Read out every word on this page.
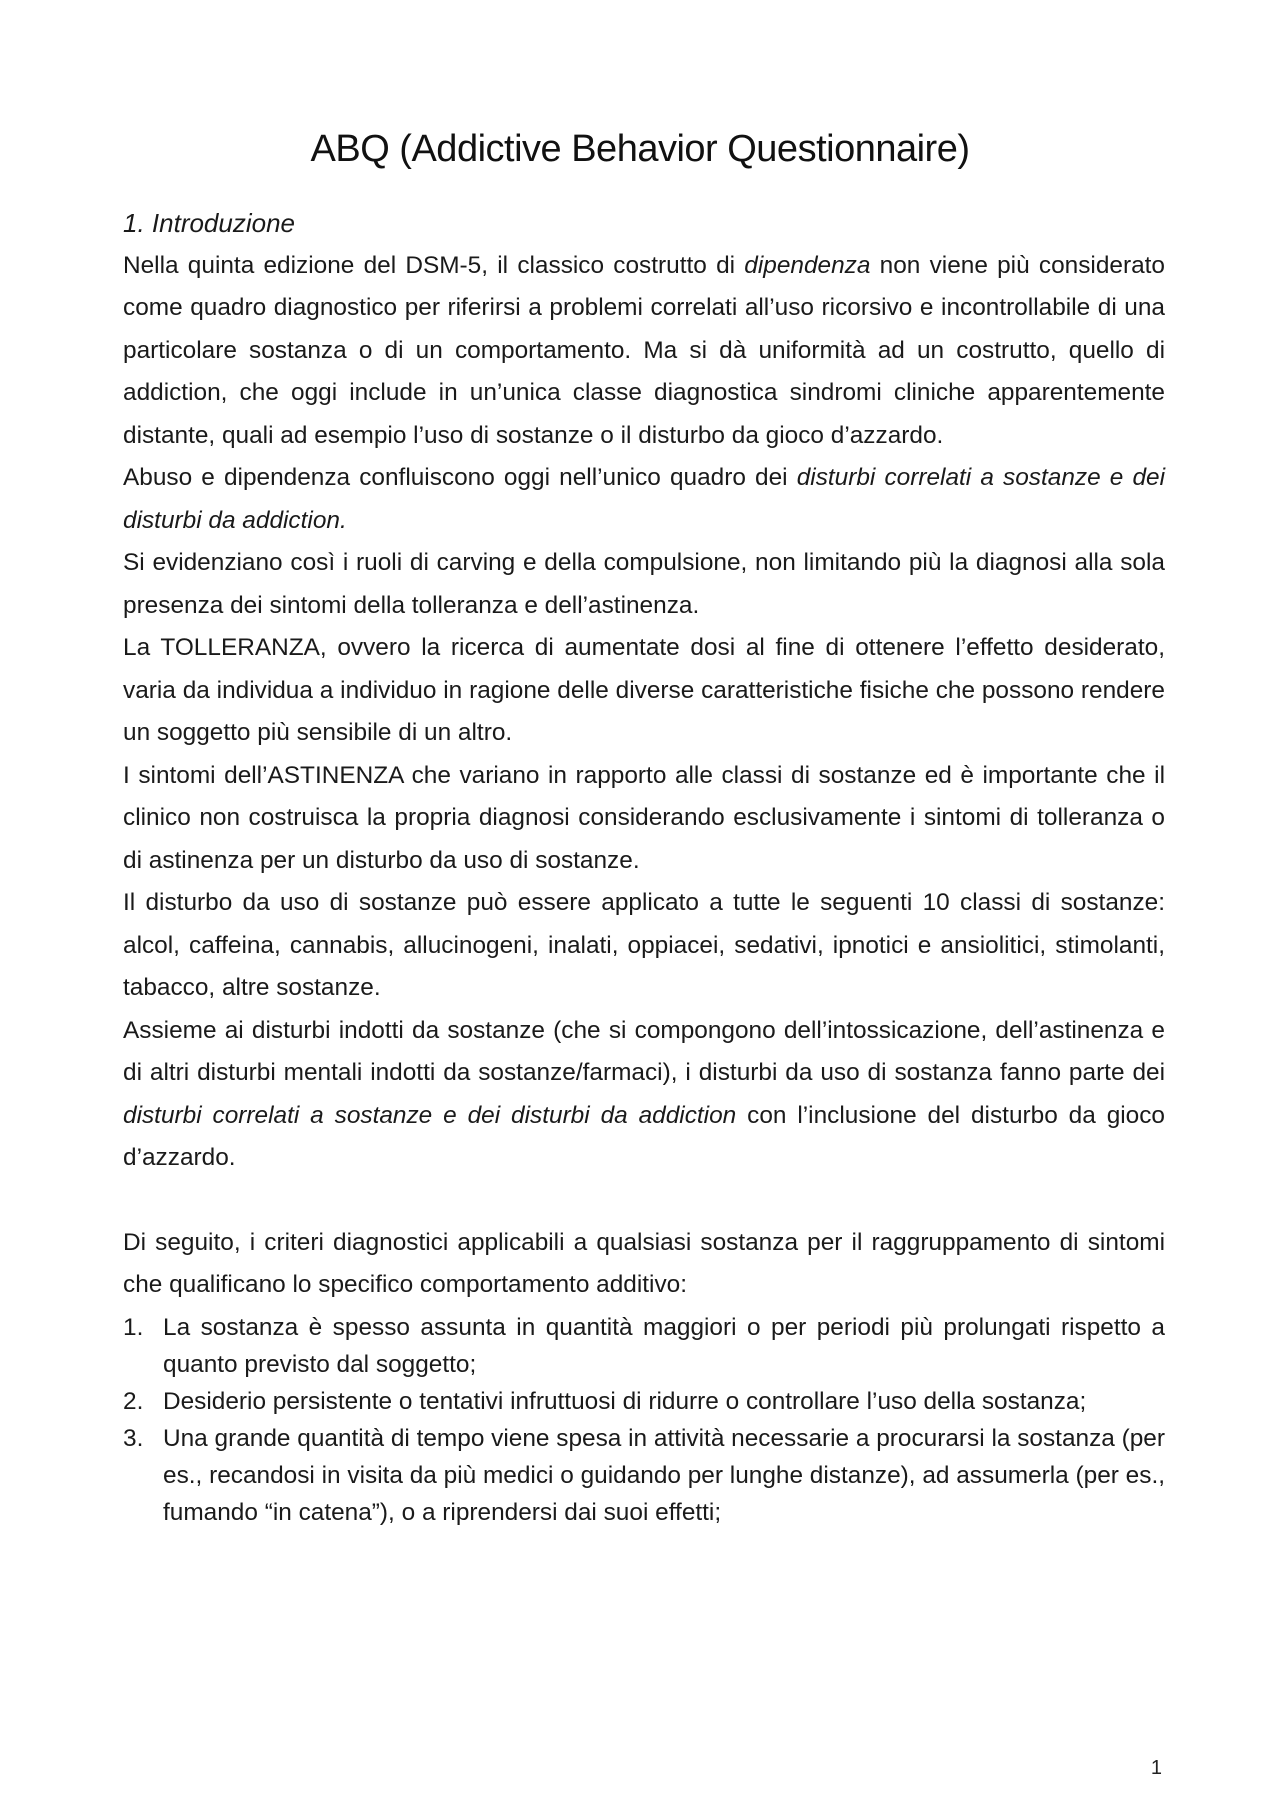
ABQ (Addictive Behavior Questionnaire)

1. Introduzione

Nella quinta edizione del DSM-5, il classico costrutto di dipendenza non viene più considerato come quadro diagnostico per riferirsi a problemi correlati all’uso ricorsivo e incontrollabile di una particolare sostanza o di un comportamento. Ma si dà uniformità ad un costrutto, quello di addiction, che oggi include in un’unica classe diagnostica sindromi cliniche apparentemente distante, quali ad esempio l’uso di sostanze o il disturbo da gioco d’azzardo.

Abuso e dipendenza confluiscono oggi nell’unico quadro dei disturbi correlati a sostanze e dei disturbi da addiction.

Si evidenziano così i ruoli di carving e della compulsione, non limitando più la diagnosi alla sola presenza dei sintomi della tolleranza e dell’astinenza.

La TOLLERANZA, ovvero la ricerca di aumentate dosi al fine di ottenere l’effetto desiderato, varia da individua a individuo in ragione delle diverse caratteristiche fisiche che possono rendere un soggetto più sensibile di un altro.

I sintomi dell’ASTINENZA che variano in rapporto alle classi di sostanze ed è importante che il clinico non costruisca la propria diagnosi considerando esclusivamente i sintomi di tolleranza o di astinenza per un disturbo da uso di sostanze.

Il disturbo da uso di sostanze può essere applicato a tutte le seguenti 10 classi di sostanze: alcol, caffeina, cannabis, allucinogeni, inalati, oppiacei, sedativi, ipnotici e ansiolitici, stimolanti, tabacco, altre sostanze.

Assieme ai disturbi indotti da sostanze (che si compongono dell’intossicazione, dell’astinenza e di altri disturbi mentali indotti da sostanze/farmaci), i disturbi da uso di sostanza fanno parte dei disturbi correlati a sostanze e dei disturbi da addiction con l’inclusione del disturbo da gioco d’azzardo.

Di seguito, i criteri diagnostici applicabili a qualsiasi sostanza per il raggruppamento di sintomi che qualificano lo specifico comportamento additivo:

1. La sostanza è spesso assunta in quantità maggiori o per periodi più prolungati rispetto a quanto previsto dal soggetto;
2. Desiderio persistente o tentativi infruttuosi di ridurre o controllare l’uso della sostanza;
3. Una grande quantità di tempo viene spesa in attività necessarie a procurarsi la sostanza (per es., recandosi in visita da più medici o guidando per lunghe distanze), ad assumerla (per es., fumando “in catena”), o a riprendersi dai suoi effetti;
1
